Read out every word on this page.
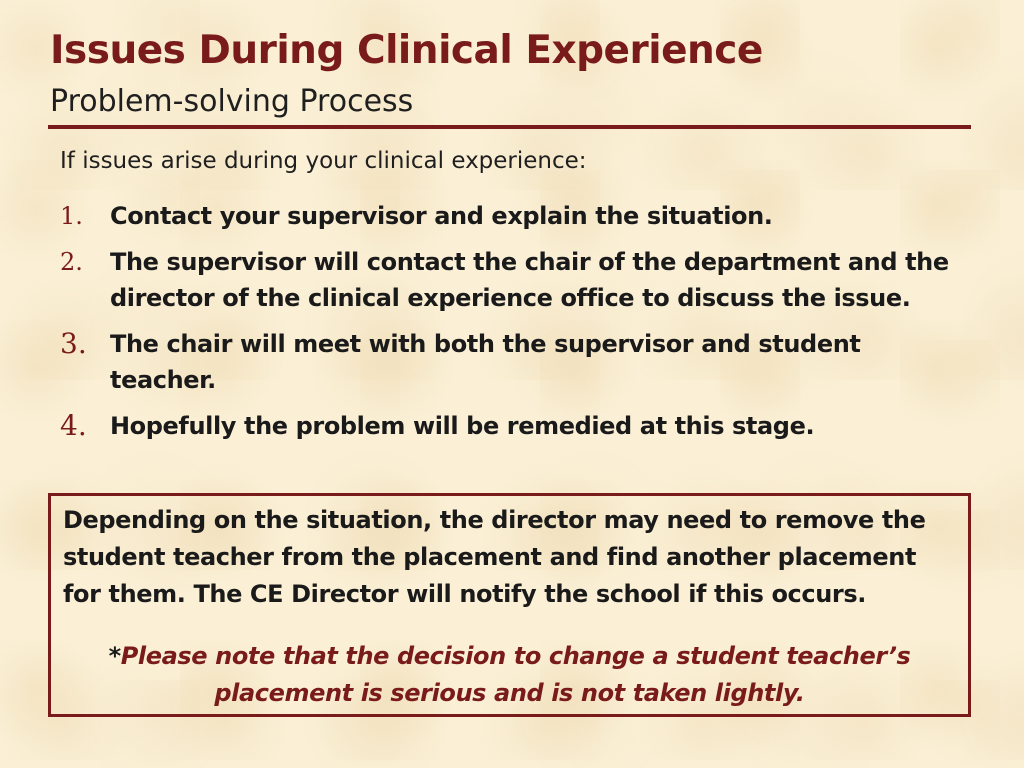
Issues During Clinical Experience
Problem-solving Process

If issues arise during your clinical experience:

1.	Contact your supervisor and explain the situation.
2.	The supervisor will contact the chair of the department and the director of the clinical experience office to discuss the issue.
3. The chair will meet with both the supervisor and student teacher.
4. Hopefully the problem will be remedied at this stage.

Depending on the situation, the director may need to remove the student teacher from the placement and find another placement for them. The CE Director will notify the school if this occurs.

*Please note that the decision to change a student teacher’s placement is serious and is not taken lightly.
